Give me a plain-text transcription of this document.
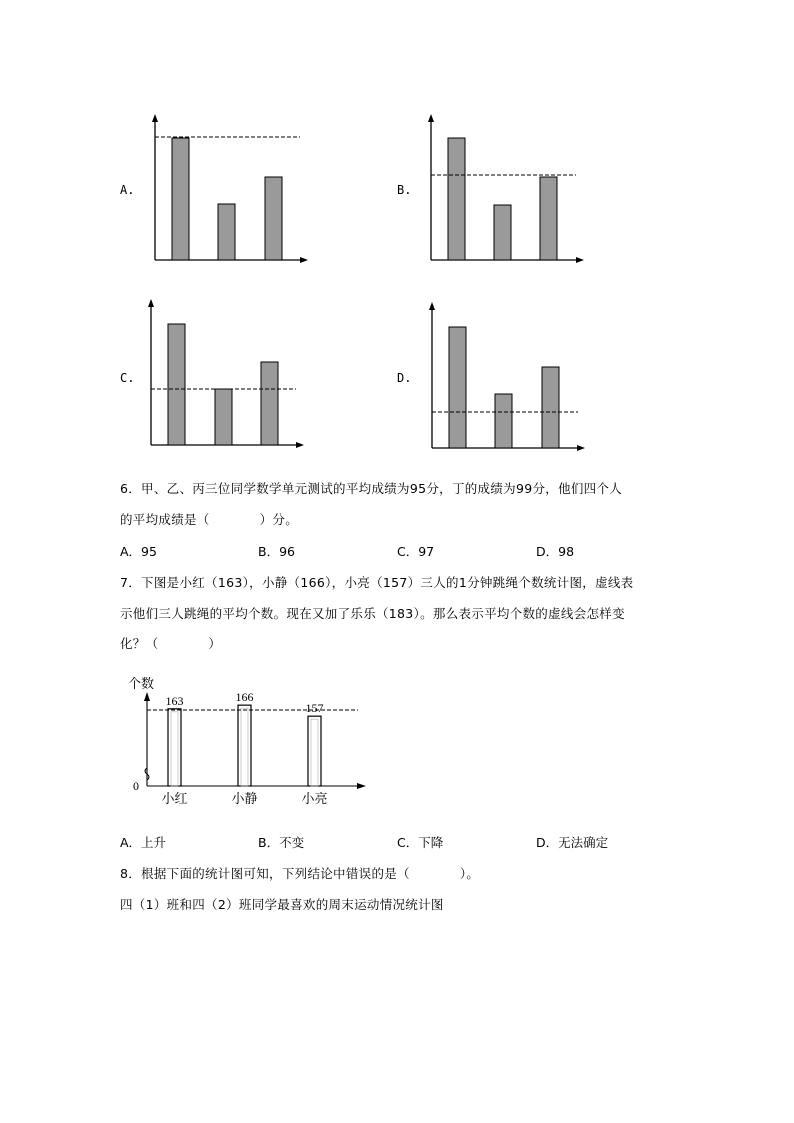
A.	B.
C.	D.
6．甲、乙、丙三位同学数学单元测试的平均成绩为95分，丁的成绩为99分，他们四个人
的平均成绩是（	）分。
A．95	B．96	C．97	D．98
7．下图是小红（163），小静（166），小亮（157）三人的1分钟跳绳个数统计图，虚线表
示他们三人跳绳的平均个数。现在又加了乐乐（183）。那么表示平均个数的虚线会怎样变
化？（	）
个数
0
163
小红
166
小静
157
小亮
A．上升	B．不变	C．下降	D．无法确定
8．根据下面的统计图可知，下列结论中错误的是（	）。
四（1）班和四（2）班同学最喜欢的周末运动情况统计图
